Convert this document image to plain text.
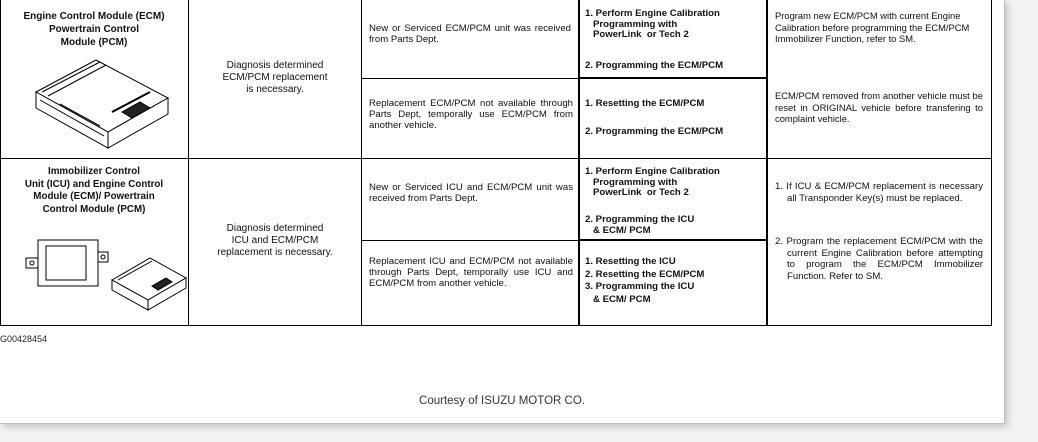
Engine Control Module (ECM)
Powertrain Control
Module (PCM)
Diagnosis determined
ECM/PCM replacement
is necessary.
New or Serviced ECM/PCM unit was received from Parts Dept.
1. Perform Engine Calibration
Programming with
PowerLink  or Tech 2
2. Programming the ECM/PCM
Program new ECM/PCM with current Engine Calibration before programming the ECM/PCM Immobilizer Function, refer to SM.
Replacement ECM/PCM not available through Parts Dept, temporally use ECM/PCM from another vehicle.
1. Resetting the ECM/PCM
2. Programming the ECM/PCM
ECM/PCM removed from another vehicle must be reset in ORIGINAL vehicle before transfering to complaint vehicle.
Immobilizer Control
Unit (ICU) and Engine Control
Module (ECM)/ Powertrain
Control Module (PCM)
Diagnosis determined
ICU and ECM/PCM
replacement is necessary.
New or Serviced ICU and ECM/PCM unit was received from Parts Dept.
1. Perform Engine Calibration
Programming with
PowerLink  or Tech 2
2. Programming the ICU
& ECM/ PCM
Replacement ICU and ECM/PCM not available through Parts Dept, temporally use ICU and ECM/PCM from another vehicle.
1. Resetting the ICU
2. Resetting the ECM/PCM
3. Programming the ICU
& ECM/ PCM
1. If ICU & ECM/PCM replacement is necessary all Transponder Key(s) must be replaced.
2. Program the replacement ECM/PCM with the current Engine Calibration before attempting to program the ECM/PCM Immobilizer Function. Refer to SM.
G00428454
Courtesy of ISUZU MOTOR CO.
